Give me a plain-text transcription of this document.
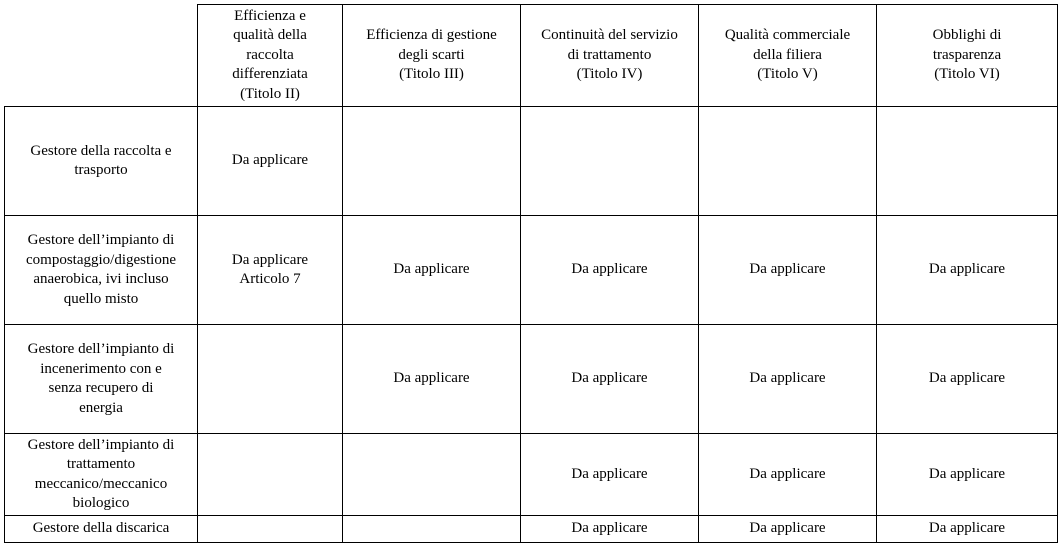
	Efficienza e
qualità della
raccolta
differenziata
(Titolo II)	Efficienza di gestione
degli scarti
(Titolo III)	Continuità del servizio
di trattamento
(Titolo IV)	Qualità commerciale
della filiera
(Titolo V)	Obblighi di
trasparenza
(Titolo VI)
Gestore della raccolta e
trasporto	Da applicare				
Gestore dell’impianto di
compostaggio/digestione
anaerobica, ivi incluso
quello misto	Da applicare
Articolo 7	Da applicare	Da applicare	Da applicare	Da applicare
Gestore dell’impianto di
incenerimento con e
senza recupero di
energia		Da applicare	Da applicare	Da applicare	Da applicare
Gestore dell’impianto di
trattamento
meccanico/meccanico
biologico			Da applicare	Da applicare	Da applicare
Gestore della discarica			Da applicare	Da applicare	Da applicare
